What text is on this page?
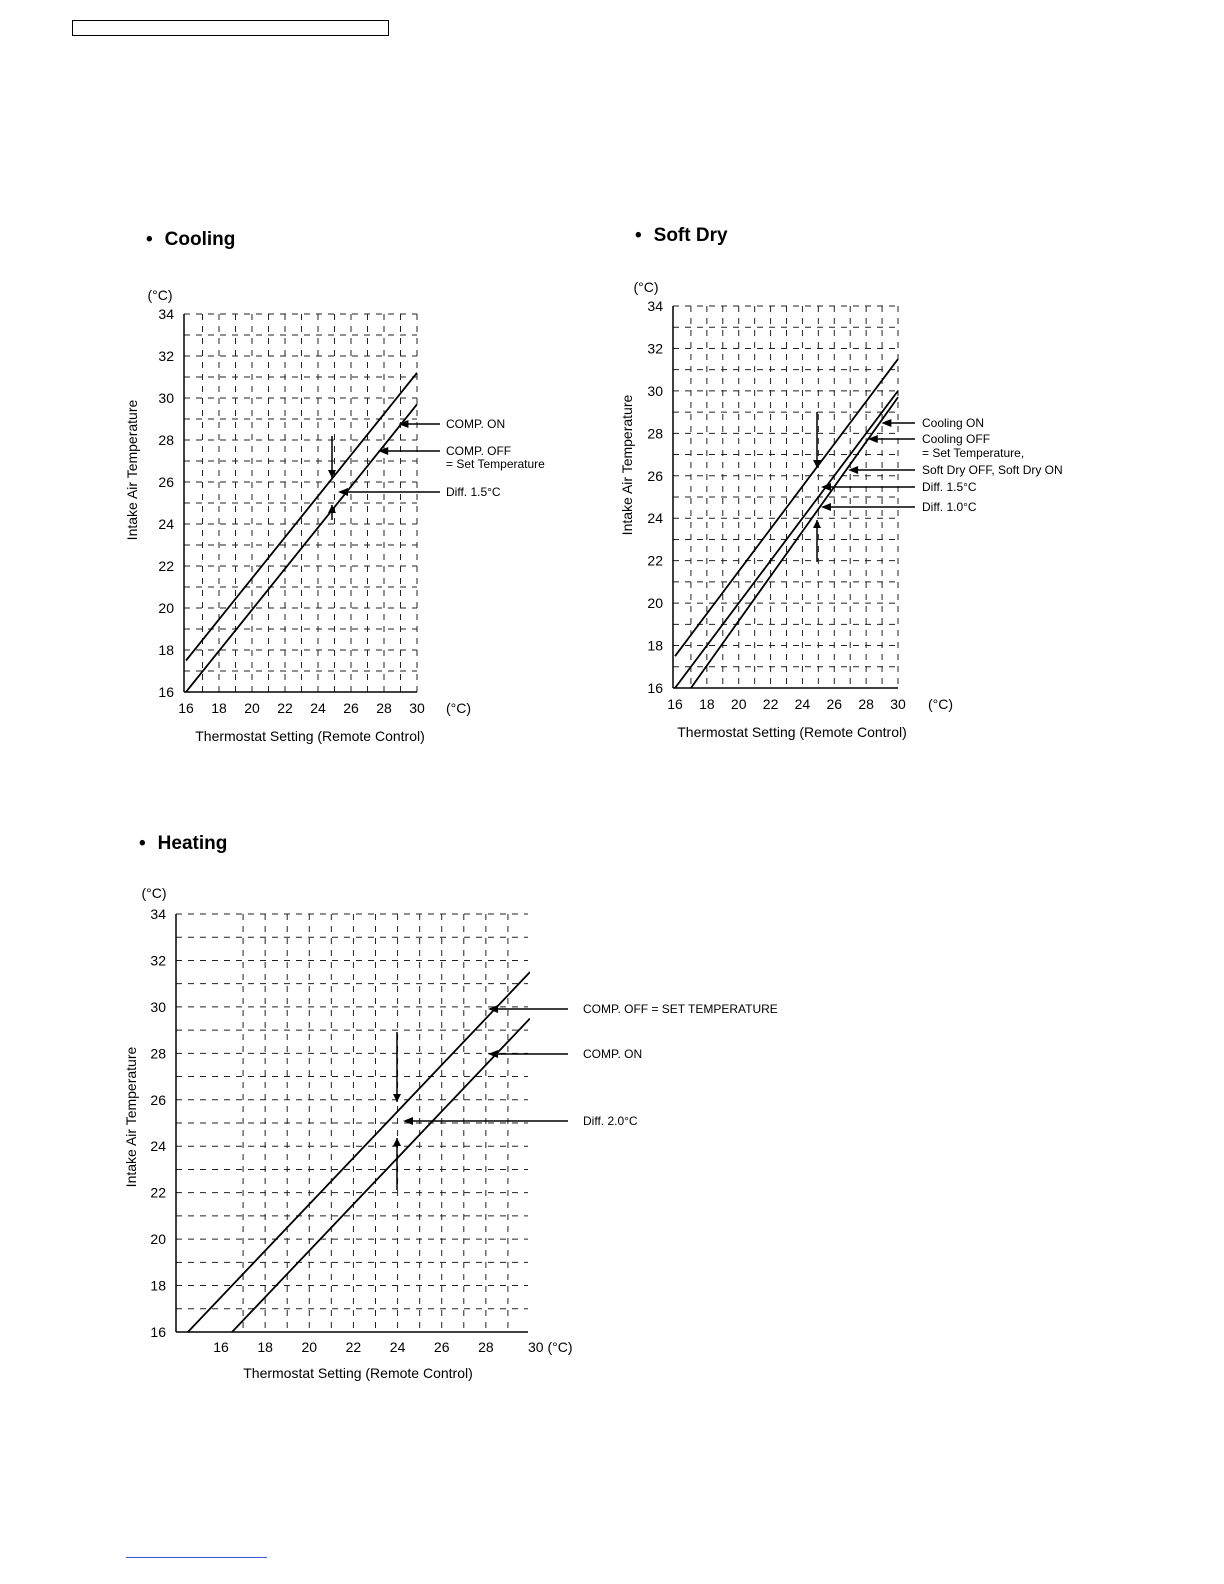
• Cooling	• Soft Dry
• Heating
16
18
20
22
24
26
28
30
32
34
16 18 20 22 24 26 28 30 (°C)
(°C)
Thermostat Setting (Remote Control)
Intake Air Temperature	COMP. ON
COMP. OFF
= Set Temperature
Diff. 1.5°C
16
18
20
22
24
26
28
30
32
34
16 18 20 22 24 26 28 30 (°C)
(°C)
Thermostat Setting (Remote Control)
Intake Air Temperature	Cooling ON
Cooling OFF
= Set Temperature,
Soft Dry OFF, Soft Dry ON
Diff. 1.5°C
Diff. 1.0°C
16
18
20
22
24
26
28
30
32
34
16 18 20 22 24 26 28 30 (°C)
(°C)
Thermostat Setting (Remote Control)
Intake Air Temperature
COMP. OFF = SET TEMPERATURE
COMP. ON
Diff. 2.0°C
